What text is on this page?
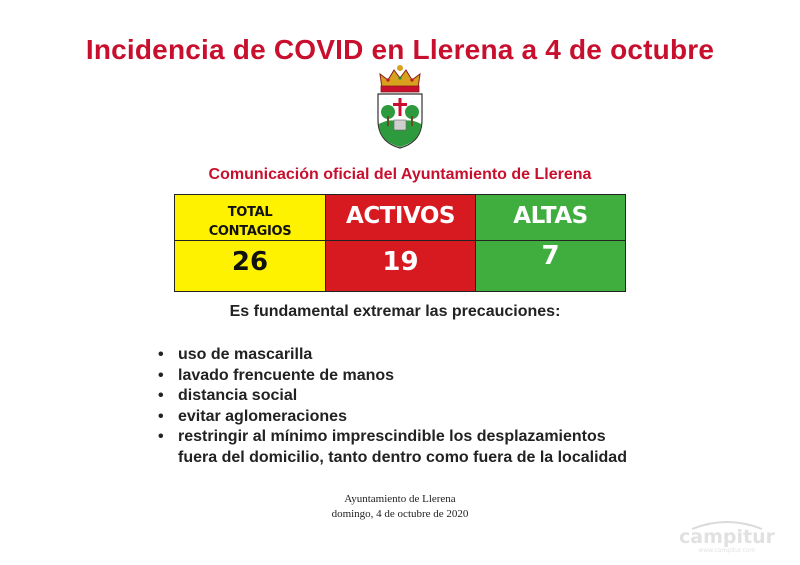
Incidencia de COVID en Llerena a 4 de octubre
Comunicación oficial del Ayuntamiento de Llerena
TOTAL
CONTAGIOS
26
ACTIVOS
19
ALTAS
7
Es fundamental extremar las precauciones:
• uso de mascarilla
• lavado frencuente de manos
• distancia social
• evitar aglomeraciones
• restringir al mínimo imprescindible los desplazamientos
fuera del domicilio, tanto dentro como fuera de la localidad
Ayuntamiento de Llerena
domingo, 4 de octubre de 2020
campitur
www.campitur.com
